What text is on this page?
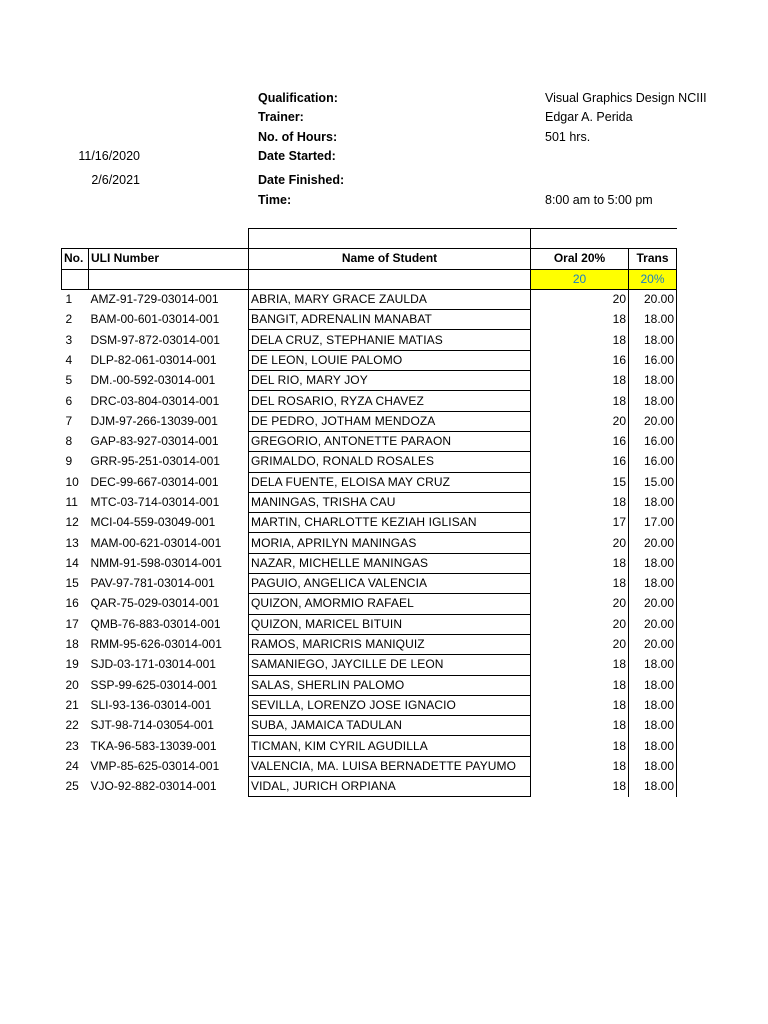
Qualification:	Visual Graphics Design NCIII
Trainer:	Edgar A. Perida
No. of Hours:	501 hrs.
Date Started:
11/16/2020
Date Finished:
2/6/2021
Time:	8:00 am to 5:00 pm

No.	ULI Number	Name of Student	Oral 20%	Trans
			20	20%
1	AMZ-91-729-03014-001	ABRIA, MARY GRACE ZAULDA	20	20.00
2	BAM-00-601-03014-001	BANGIT, ADRENALIN MANABAT	18	18.00
3	DSM-97-872-03014-001	DELA CRUZ, STEPHANIE MATIAS	18	18.00
4	DLP-82-061-03014-001	DE LEON, LOUIE PALOMO	16	16.00
5	DM.-00-592-03014-001	DEL RIO, MARY JOY	18	18.00
6	DRC-03-804-03014-001	DEL ROSARIO, RYZA CHAVEZ	18	18.00
7	DJM-97-266-13039-001	DE PEDRO, JOTHAM MENDOZA	20	20.00
8	GAP-83-927-03014-001	GREGORIO, ANTONETTE PARAON	16	16.00
9	GRR-95-251-03014-001	GRIMALDO, RONALD ROSALES	16	16.00
10	DEC-99-667-03014-001	DELA FUENTE, ELOISA MAY CRUZ	15	15.00
11	MTC-03-714-03014-001	MANINGAS, TRISHA CAU	18	18.00
12	MCI-04-559-03049-001	MARTIN, CHARLOTTE KEZIAH IGLISAN	17	17.00
13	MAM-00-621-03014-001	MORIA, APRILYN MANINGAS	20	20.00
14	NMM-91-598-03014-001	NAZAR, MICHELLE MANINGAS	18	18.00
15	PAV-97-781-03014-001	PAGUIO, ANGELICA VALENCIA	18	18.00
16	QAR-75-029-03014-001	QUIZON, AMORMIO RAFAEL	20	20.00
17	QMB-76-883-03014-001	QUIZON, MARICEL BITUIN	20	20.00
18	RMM-95-626-03014-001	RAMOS, MARICRIS MANIQUIZ	20	20.00
19	SJD-03-171-03014-001	SAMANIEGO, JAYCILLE DE LEON	18	18.00
20	SSP-99-625-03014-001	SALAS, SHERLIN PALOMO	18	18.00
21	SLI-93-136-03014-001	SEVILLA, LORENZO JOSE IGNACIO	18	18.00
22	SJT-98-714-03054-001	SUBA, JAMAICA TADULAN	18	18.00
23	TKA-96-583-13039-001	TICMAN, KIM CYRIL AGUDILLA	18	18.00
24	VMP-85-625-03014-001	VALENCIA, MA. LUISA BERNADETTE PAYUMO	18	18.00
25	VJO-92-882-03014-001	VIDAL, JURICH ORPIANA	18	18.00
